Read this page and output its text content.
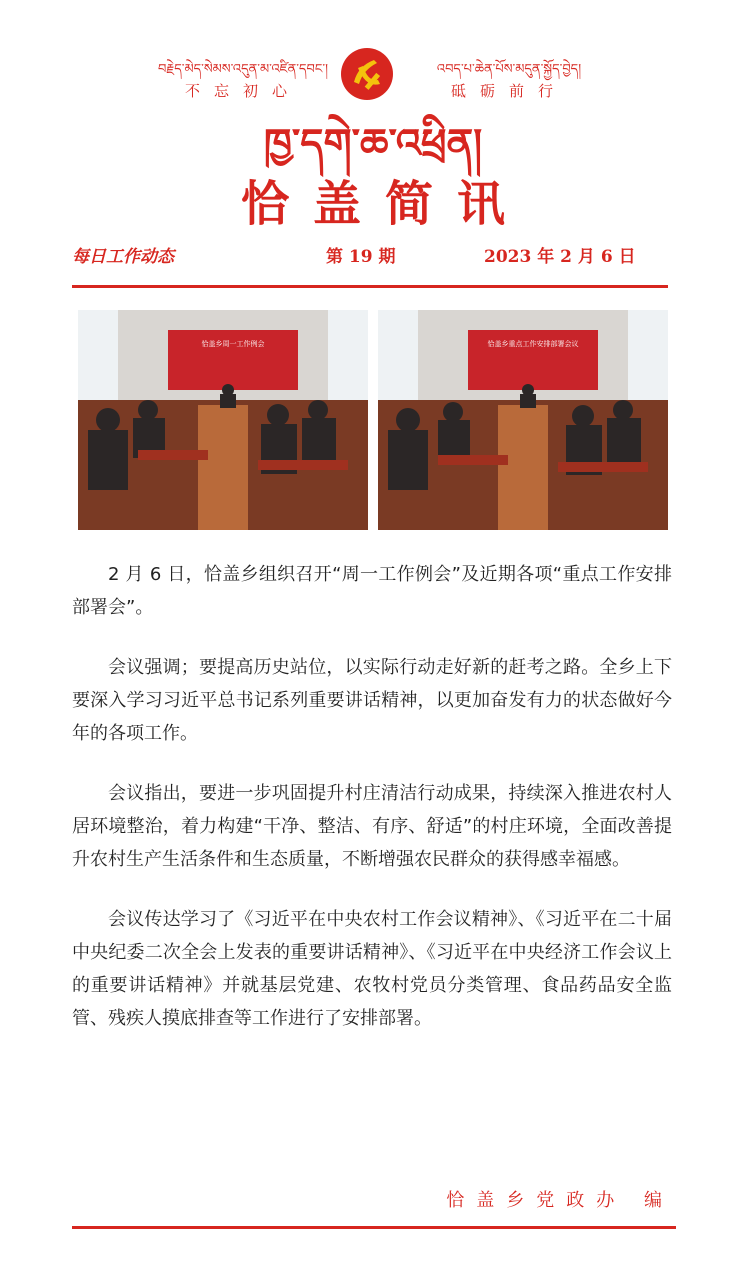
བརྗེད་མེད་སེམས་འདུན་མ་འཛིན་དབང་།
不忘初心
འབད་པ་ཆེན་པོས་མདུན་སྐྱོད་བྱེད།
砥砺前行
ཁྱ་དགེ་ཆ་འཕྲིན།
恰盖简讯
每日工作动态	第 19 期	2023 年 2 月 6 日
恰盖乡周一工作例会	恰盖乡重点工作安排部署会议

2 月 6 日，恰盖乡组织召开“周一工作例会”及近期各项“重点工作安排部署会”。

会议强调；要提高历史站位，以实际行动走好新的赶考之路。全乡上下要深入学习习近平总书记系列重要讲话精神，以更加奋发有力的状态做好今年的各项工作。

会议指出，要进一步巩固提升村庄清洁行动成果，持续深入推进农村人居环境整治，着力构建“干净、整洁、有序、舒适”的村庄环境，全面改善提升农村生产生活条件和生态质量，不断增强农民群众的获得感幸福感。

会议传达学习了《习近平在中央农村工作会议精神》、《习近平在二十届中央纪委二次全会上发表的重要讲话精神》、《习近平在中央经济工作会议上的重要讲话精神》并就基层党建、农牧村党员分类管理、食品药品安全监管、残疾人摸底排查等工作进行了安排部署。

恰盖乡党政办 编
